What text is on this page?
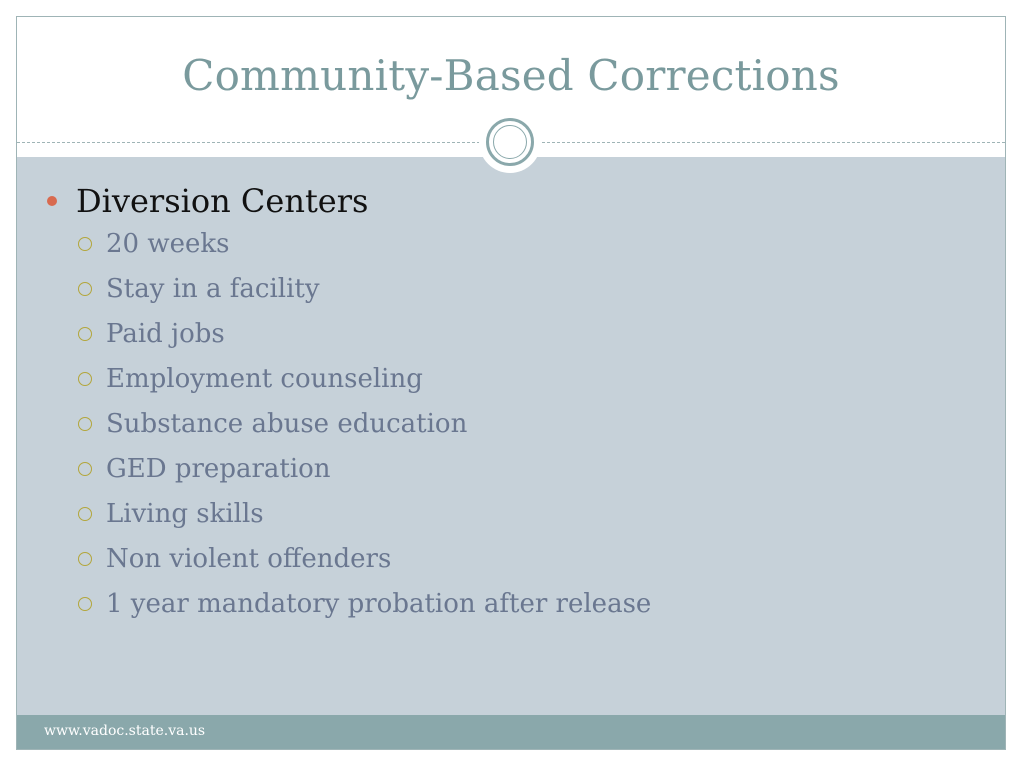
Community-Based Corrections
Diversion Centers
20 weeks
Stay in a facility
Paid jobs
Employment counseling
Substance abuse education
GED preparation
Living skills
Non violent offenders
1 year mandatory probation after release
www.vadoc.state.va.us
